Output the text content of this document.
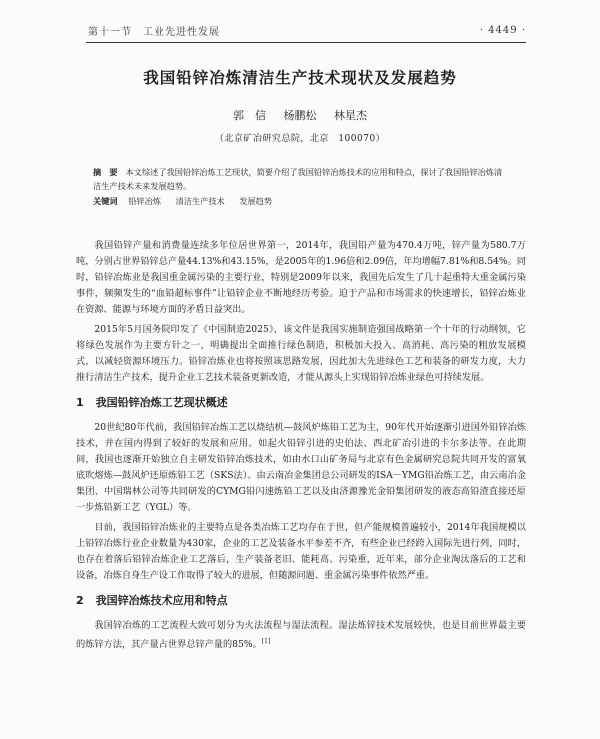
第十一节　工业先进性发展	· 4449 ·
我国铅锌冶炼清洁生产技术现状及发展趋势
郭　信 杨鹏松 林星杰
（北京矿冶研究总院，北京　100070）
摘　要 本文综述了我国铅锌冶炼工艺现状，简要介绍了我国铅锌冶炼技术的应用和特点，探讨了我国铅锌冶炼清洁生产技术未来发展趋势。
关键词 铅锌冶炼 清洁生产技术 发展趋势

我国铅锌产量和消费量连续多年位居世界第一，2014年，我国铅产量为470.4万吨，锌产量为580.7万吨，分别占世界铅锌总产量44.13%和43.15%，是2005年的1.96倍和2.09倍，年均增幅7.81%和8.54%。同时，铅锌冶炼业是我国重金属污染的主要行业，特别是2009年以来，我国先后发生了几十起重特大重金属污染事件，频频发生的“血铅超标事件”让铅锌企业不断地经历考验。迫于产品和市场需求的快速增长，铅锌冶炼业在资源、能源与环境方面的矛盾日益突出。

2015年5月国务院印发了《中国制造2025》，该文件是我国实施制造强国战略第一个十年的行动纲领，它将绿色发展作为主要方针之一，明确提出全面推行绿色制造，积极加大投入、高消耗、高污染的粗放发展模式，以减轻资源环境压力。铅锌冶炼业也将按照该思路发展，因此加大先进绿色工艺和装备的研发力度，大力推行清洁生产技术，提升企业工艺技术装备更新改造，才能从源头上实现铅锌冶炼业绿色可持续发展。

1 我国铅锌冶炼工艺现状概述

20世纪80年代前，我国铅锌冶炼工艺以烧结机—鼓风炉炼铅工艺为主，90年代开始逐渐引进国外铅锌冶炼技术，并在国内得到了较好的发展和应用。如起火铅锌引进的史伯法、西北矿冶引进的卡尔多法等。在此期间，我国也逐渐开始独立自主研发铅锌冶炼技术，如由水口山矿务局与北京有色金属研究总院共同开发的富氧底吹熔炼—鼓风炉还原炼铅工艺（SKS法）。由云南冶金集团总公司研发的ISA－YMG铅冶炼工艺，由云南冶金集团、中国瑞林公司等共同研发的CYMG铅闪速炼铅工艺以及由济源豫光金铅集团研发的液态高铅渣直接还原一步炼铅新工艺（YGL）等。

目前，我国铅锌冶炼业的主要特点是各类冶炼工艺均存在于世，但产能规模普遍较小，2014年我国规模以上铅锌冶炼行业企业数量为430家，企业的工艺及装备水平参差不齐，有些企业已经跨入国际先进行列，同时，也存在着落后铅锌冶炼企业工艺落后，生产装备老旧、能耗高、污染重，近年来，部分企业淘汰落后的工艺和设备，冶炼自身生产设工作取得了较大的进展，但随源问题、重金属污染事件依然严重。

2 我国锌冶炼技术应用和特点

我国锌冶炼的工艺流程大致可划分为火法流程与湿法流程。湿法炼锌技术发展较快，也是目前世界最主要的炼锌方法，其产量占世界总锌产量的85%。[1]
